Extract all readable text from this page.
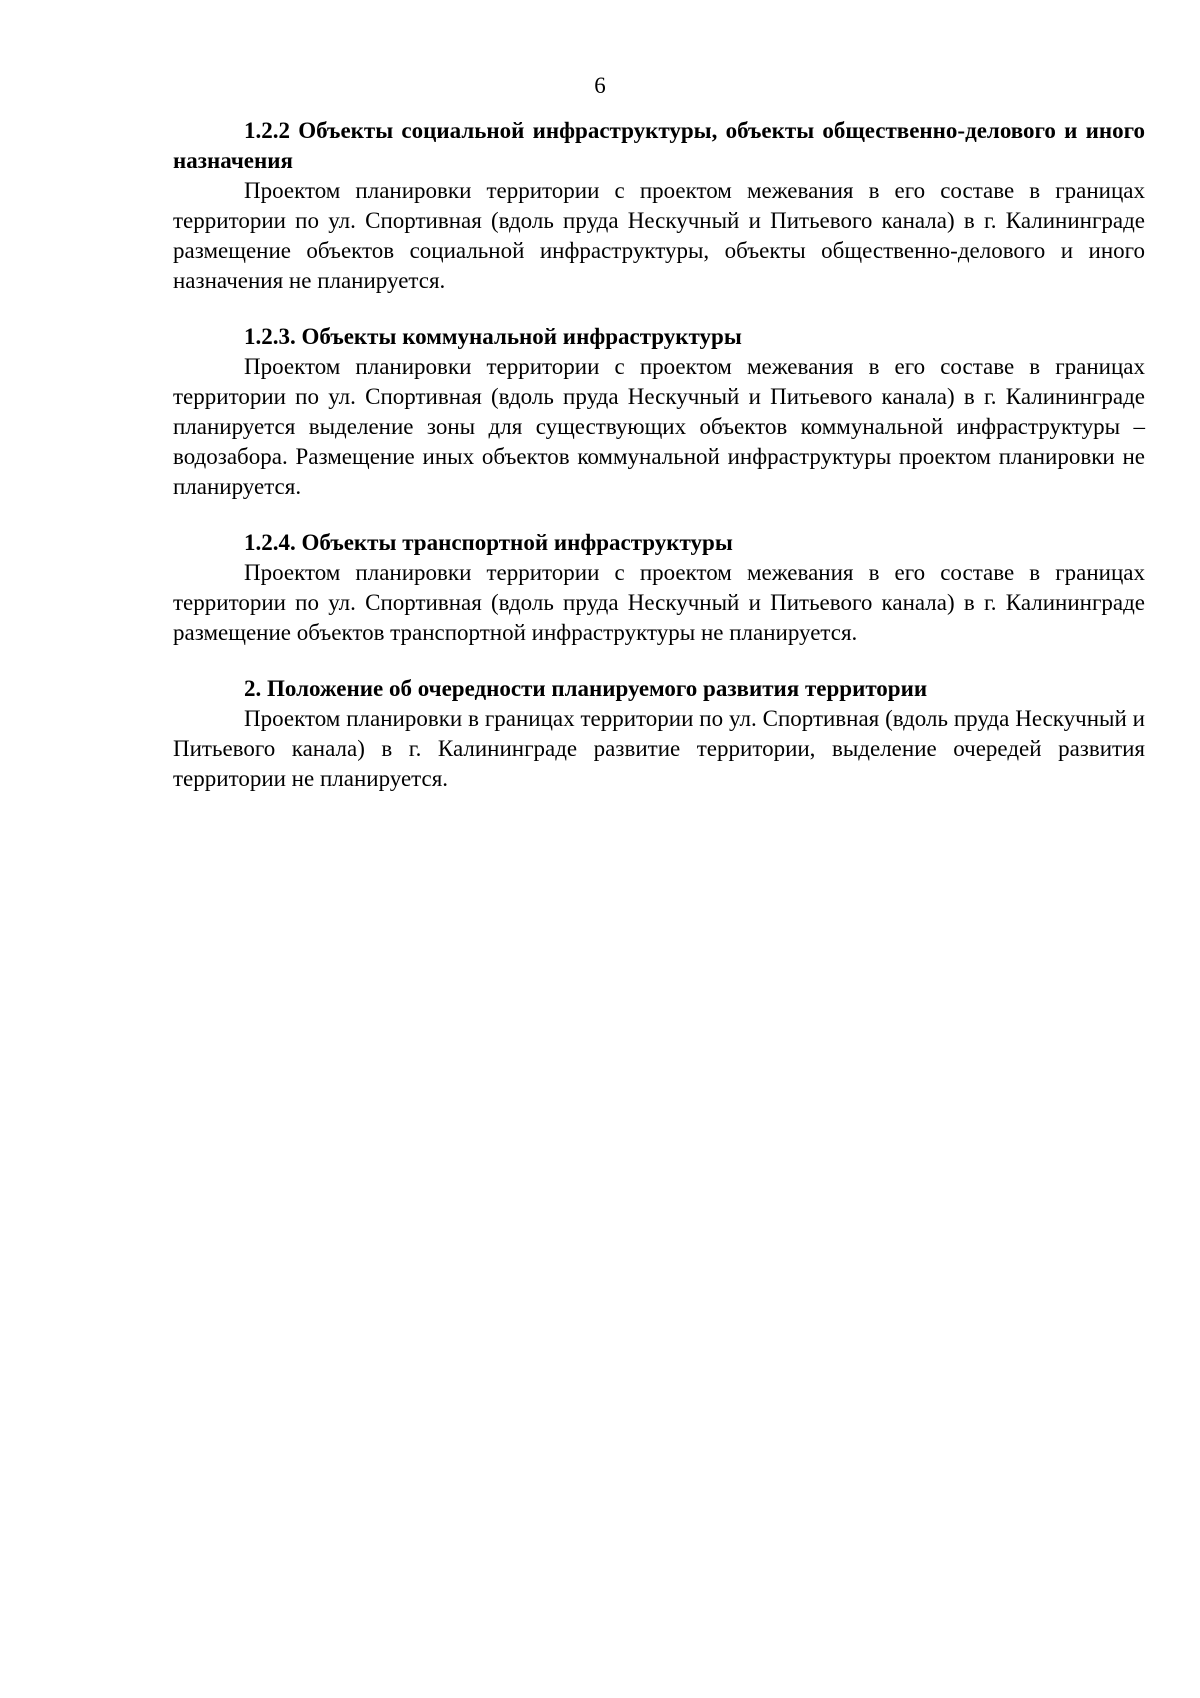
6

1.2.2 Объекты социальной инфраструктуры, объекты общественно-делового и иного назначения

Проектом планировки территории с проектом межевания в его составе в границах территории по ул. Спортивная (вдоль пруда Нескучный и Питьевого канала) в г. Калининграде размещение объектов социальной инфраструктуры, объекты общественно-делового и иного назначения не планируется.

1.2.3. Объекты коммунальной инфраструктуры

Проектом планировки территории с проектом межевания в его составе в границах территории по ул. Спортивная (вдоль пруда Нескучный и Питьевого канала) в г. Калининграде планируется выделение зоны для существующих объектов коммунальной инфраструктуры – водозабора. Размещение иных объектов коммунальной инфраструктуры проектом планировки не планируется.

1.2.4. Объекты транспортной инфраструктуры

Проектом планировки территории с проектом межевания в его составе в границах территории по ул. Спортивная (вдоль пруда Нескучный и Питьевого канала) в г. Калининграде размещение объектов транспортной инфраструктуры не планируется.

2. Положение об очередности планируемого развития территории

Проектом планировки в границах территории по ул. Спортивная (вдоль пруда Нескучный и Питьевого канала) в г. Калининграде развитие территории, выделение очередей развития территории не планируется.
